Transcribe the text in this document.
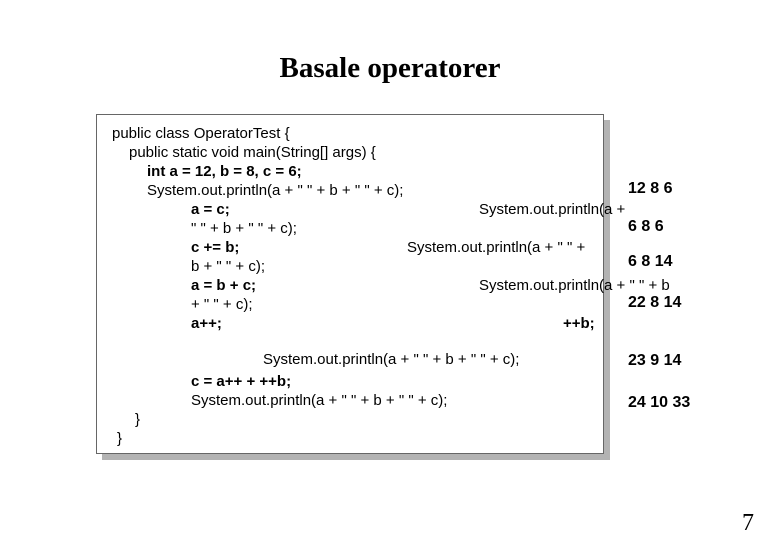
Basale operatorer
public class OperatorTest {
public static void main(String[] args) {
int a = 12, b = 8, c = 6;
System.out.println(a + " " + b + " " + c);
a = c;	System.out.println(a +
" " + b + " " + c);
c += b;	System.out.println(a + " " +
b + " " + c);
a = b + c;	System.out.println(a + " " + b
+ " " + c);
a++;	++b;
System.out.println(a + " " + b + " " + c);
c = a++ + ++b;
System.out.println(a + " " + b + " " + c);
}
}
12 8 6
6 8 6
6 8 14
22 8 14
23 9 14
24 10 33
7
